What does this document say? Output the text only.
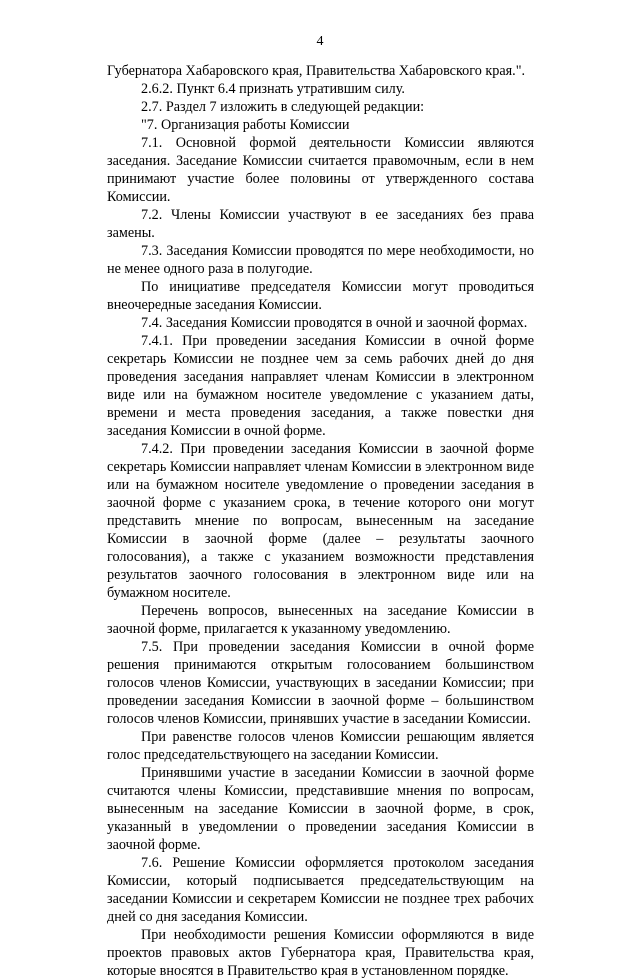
4

Губернатора Хабаровского края, Правительства Хабаровского края.".

2.6.2. Пункт 6.4 признать утратившим силу.

2.7. Раздел 7 изложить в следующей редакции:

"7. Организация работы Комиссии

7.1. Основной формой деятельности Комиссии являются заседания. Заседание Комиссии считается правомочным, если в нем принимают участие более половины от утвержденного состава Комиссии.

7.2. Члены Комиссии участвуют в ее заседаниях без права замены.

7.3. Заседания Комиссии проводятся по мере необходимости, но не менее одного раза в полугодие.

По инициативе председателя Комиссии могут проводиться внеочередные заседания Комиссии.

7.4. Заседания Комиссии проводятся в очной и заочной формах.

7.4.1. При проведении заседания Комиссии в очной форме секретарь Комиссии не позднее чем за семь рабочих дней до дня проведения заседания направляет членам Комиссии в электронном виде или на бумажном носителе уведомление с указанием даты, времени и места проведения заседания, а также повестки дня заседания Комиссии в очной форме.

7.4.2. При проведении заседания Комиссии в заочной форме секретарь Комиссии направляет членам Комиссии в электронном виде или на бумажном носителе уведомление о проведении заседания в заочной форме с указанием срока, в течение которого они могут представить мнение по вопросам, вынесенным на заседание Комиссии в заочной форме (далее – результаты заочного голосования), а также с указанием возможности представления результатов заочного голосования в электронном виде или на бумажном носителе.

Перечень вопросов, вынесенных на заседание Комиссии в заочной форме, прилагается к указанному уведомлению.

7.5. При проведении заседания Комиссии в очной форме решения принимаются открытым голосованием большинством голосов членов Комиссии, участвующих в заседании Комиссии; при проведении заседания Комиссии в заочной форме – большинством голосов членов Комиссии, принявших участие в заседании Комиссии.

При равенстве голосов членов Комиссии решающим является голос председательствующего на заседании Комиссии.

Принявшими участие в заседании Комиссии в заочной форме считаются члены Комиссии, представившие мнения по вопросам, вынесенным на заседание Комиссии в заочной форме, в срок, указанный в уведомлении о проведении заседания Комиссии в заочной форме.

7.6. Решение Комиссии оформляется протоколом заседания Комиссии, который подписывается председательствующим на заседании Комиссии и секретарем Комиссии не позднее трех рабочих дней со дня заседания Комиссии.

При необходимости решения Комиссии оформляются в виде проектов правовых актов Губернатора края, Правительства края, которые вносятся в Правительство края в установленном порядке.
